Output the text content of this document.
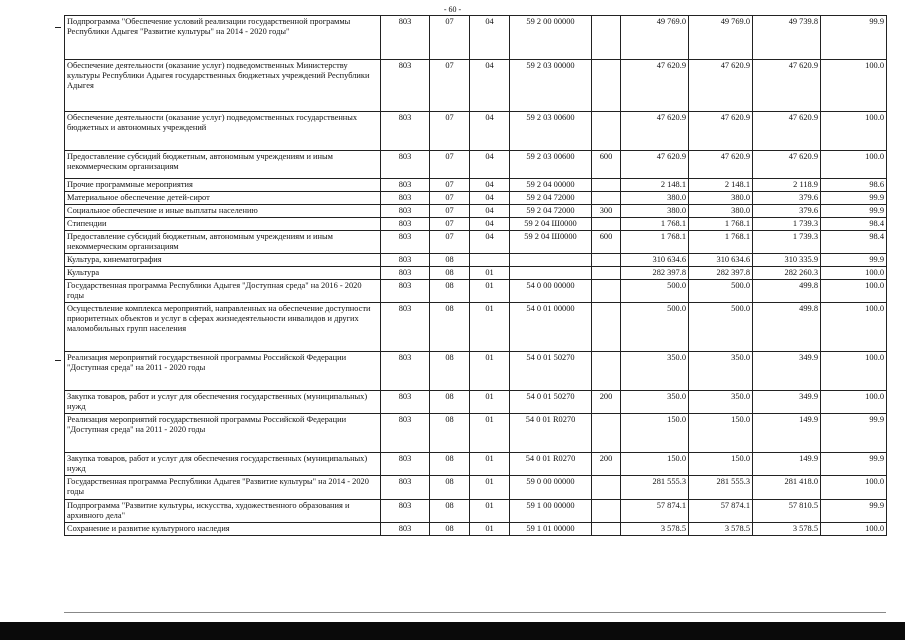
- 60 -
Подпрограмма "Обеспечение условий реализации государственной программы Республики Адыгея "Развитие культуры" на 2014 - 2020 годы"	803	07	04	59 2 00 00000		49 769.0	49 769.0	49 739.8	99.9
Обеспечение деятельности (оказание услуг) подведомственных Министерству культуры Республики Адыгея государственных бюджетных учреждений Республики Адыгея	803	07	04	59 2 03 00000		47 620.9	47 620.9	47 620.9	100.0
Обеспечение деятельности (оказание услуг) подведомственных государственных бюджетных и автономных учреждений	803	07	04	59 2 03 00600		47 620.9	47 620.9	47 620.9	100.0
Предоставление субсидий бюджетным, автономным учреждениям и иным некоммерческим организациям	803	07	04	59 2 03 00600	600	47 620.9	47 620.9	47 620.9	100.0
Прочие программные мероприятия	803	07	04	59 2 04 00000		2 148.1	2 148.1	2 118.9	98.6
Материальное обеспечение детей-сирот	803	07	04	59 2 04 72000		380.0	380.0	379.6	99.9
Социальное обеспечение и иные выплаты населению	803	07	04	59 2 04 72000	300	380.0	380.0	379.6	99.9
Стипендии	803	07	04	59 2 04 Ш0000		1 768.1	1 768.1	1 739.3	98.4
Предоставление субсидий бюджетным, автономным учреждениям и иным некоммерческим организациям	803	07	04	59 2 04 Ш0000	600	1 768.1	1 768.1	1 739.3	98.4
Культура, кинематография	803	08				310 634.6	310 634.6	310 335.9	99.9
Культура	803	08	01			282 397.8	282 397.8	282 260.3	100.0
Государственная программа Республики Адыгея "Доступная среда" на 2016 - 2020 годы	803	08	01	54 0 00 00000		500.0	500.0	499.8	100.0
Осуществление комплекса мероприятий, направленных на обеспечение доступности приоритетных объектов и услуг в сферах жизнедеятельности инвалидов и других маломобильных групп населения	803	08	01	54 0 01 00000		500.0	500.0	499.8	100.0
Реализация мероприятий государственной программы Российской Федерации "Доступная среда" на 2011 - 2020 годы	803	08	01	54 0 01 50270		350.0	350.0	349.9	100.0
Закупка товаров, работ и услуг для обеспечения государственных (муниципальных) нужд	803	08	01	54 0 01 50270	200	350.0	350.0	349.9	100.0
Реализация мероприятий государственной программы Российской Федерации "Доступная среда" на 2011 - 2020 годы	803	08	01	54 0 01 R0270		150.0	150.0	149.9	99.9
Закупка товаров, работ и услуг для обеспечения государственных (муниципальных) нужд	803	08	01	54 0 01 R0270	200	150.0	150.0	149.9	99.9
Государственная программа Республики Адыгея "Развитие культуры" на 2014 - 2020 годы	803	08	01	59 0 00 00000		281 555.3	281 555.3	281 418.0	100.0
Подпрограмма "Развитие культуры, искусства, художественного образования и архивного дела"	803	08	01	59 1 00 00000		57 874.1	57 874.1	57 810.5	99.9
Сохранение и развитие культурного наследия	803	08	01	59 1 01 00000		3 578.5	3 578.5	3 578.5	100.0
